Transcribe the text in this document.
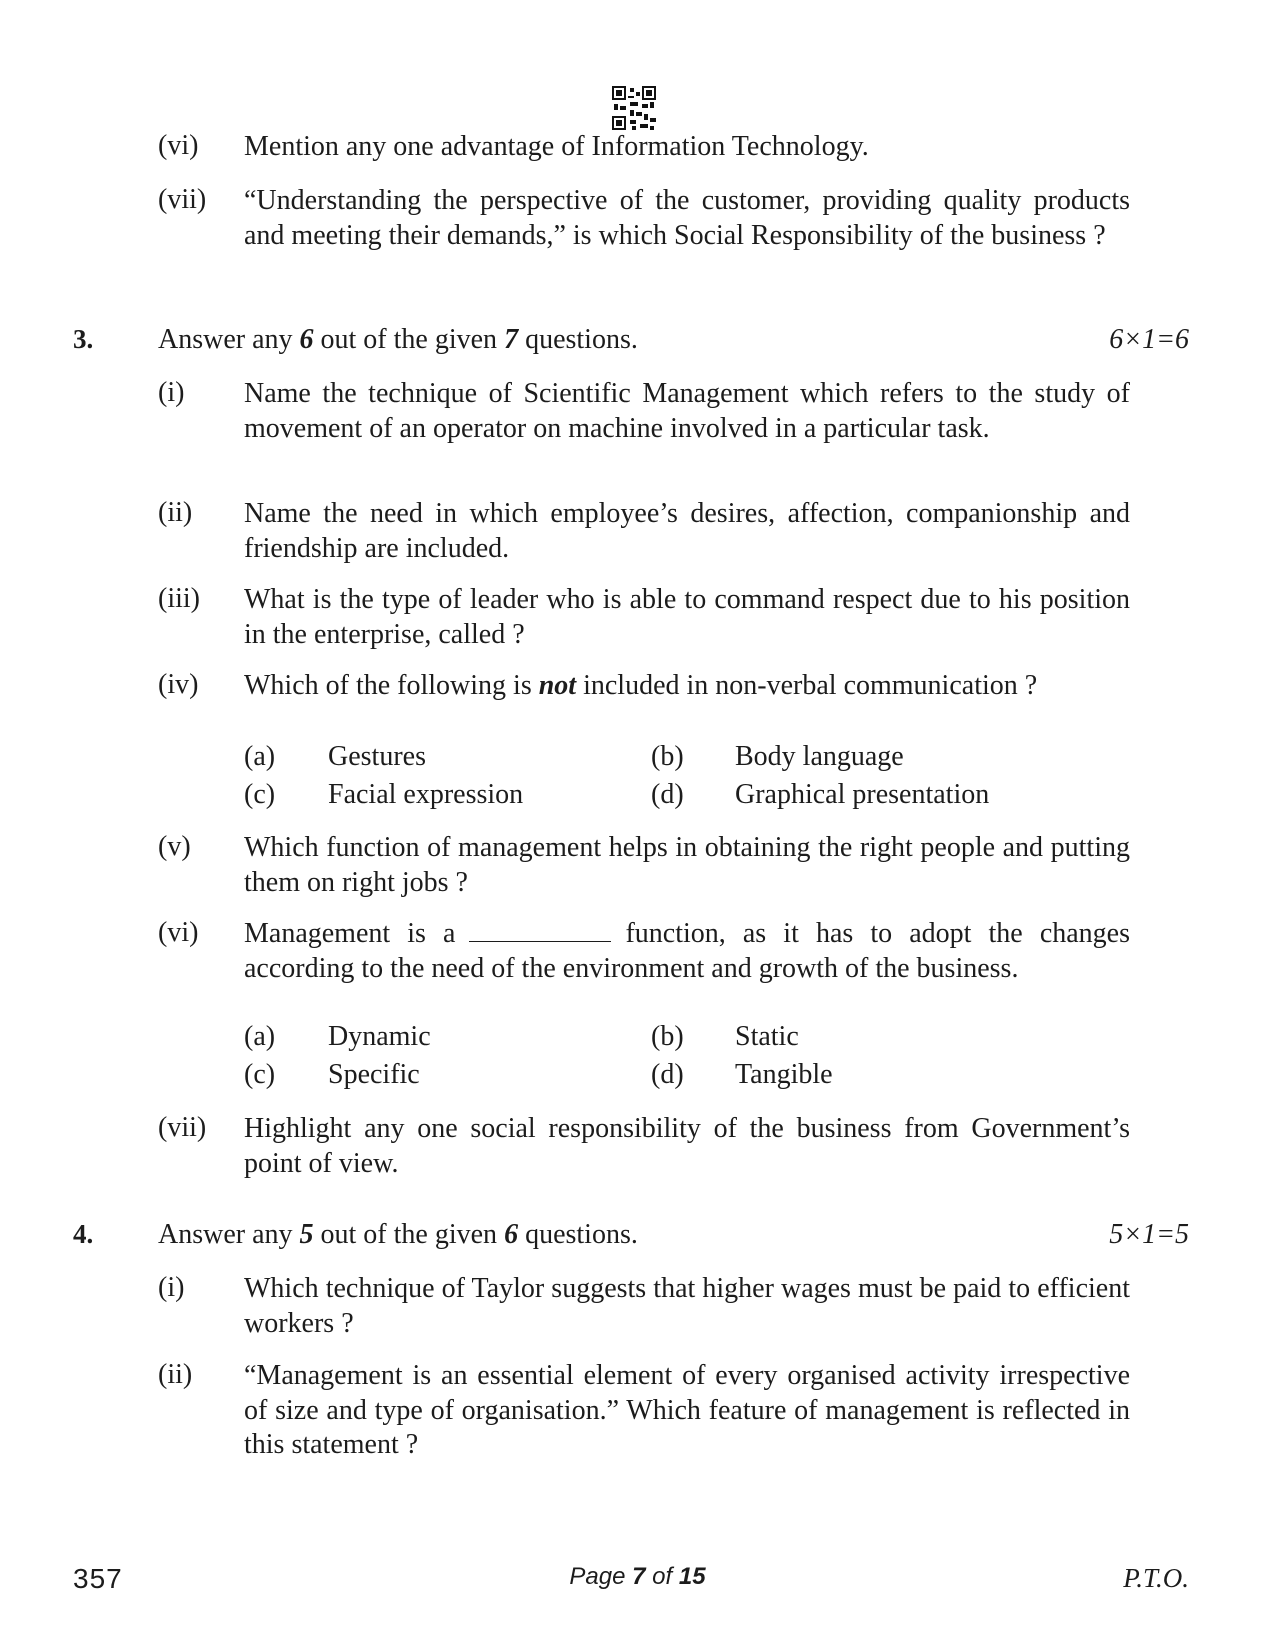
(vi) Mention any one advantage of Information Technology.
(vii) “Understanding the perspective of the customer, providing quality products and meeting their demands,” is which Social Responsibility of the business ?
3. Answer any 6 out of the given 7 questions.	6×1=6
(i) Name the technique of Scientific Management which refers to the study of movement of an operator on machine involved in a particular task.
(ii) Name the need in which employee’s desires, affection, companionship and friendship are included.
(iii) What is the type of leader who is able to command respect due to his position in the enterprise, called ?
(iv) Which of the following is not included in non-verbal communication ?
(a) Gestures	(b) Body language
(c) Facial expression	(d) Graphical presentation
(v) Which function of management helps in obtaining the right people and putting them on right jobs ?
(vi) Management is a	function, as it has to adopt the changes according to the need of the environment and growth of the business.
(a) Dynamic	(b) Static
(c) Specific	(d) Tangible
(vii) Highlight any one social responsibility of the business from Government’s point of view.
4. Answer any 5 out of the given 6 questions.	5×1=5
(i) Which technique of Taylor suggests that higher wages must be paid to efficient workers ?
(ii) “Management is an essential element of every organised activity irrespective of size and type of organisation.” Which feature of management is reflected in this statement ?
357	Page 7 of 15	P.T.O.
